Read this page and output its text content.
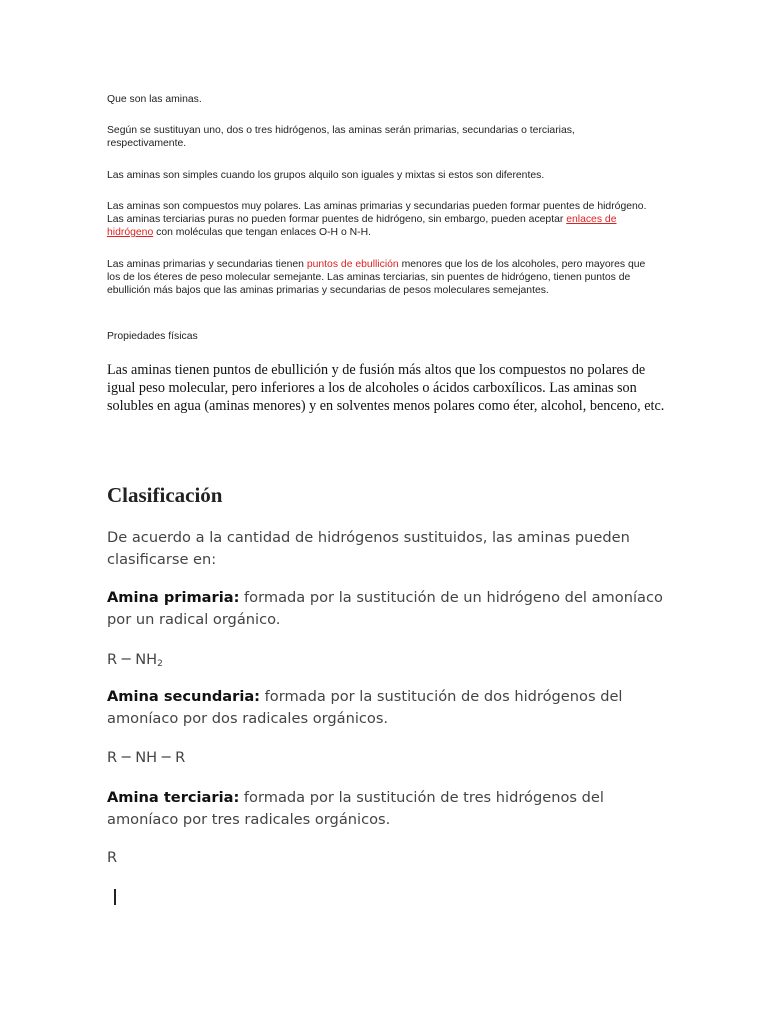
Que son las aminas.

Según se sustituyan uno, dos o tres hidrógenos, las aminas serán primarias, secundarias o terciarias, respectivamente.

Las aminas son simples cuando los grupos alquilo son iguales y mixtas si estos son diferentes.

Las aminas son compuestos muy polares. Las aminas primarias y secundarias pueden formar puentes de hidrógeno. Las aminas terciarias puras no pueden formar puentes de hidrógeno, sin embargo, pueden aceptar enlaces de hidrógeno con moléculas que tengan enlaces O-H o N-H.

Las aminas primarias y secundarias tienen puntos de ebullición menores que los de los alcoholes, pero mayores que los de los éteres de peso molecular semejante. Las aminas terciarias, sin puentes de hidrógeno, tienen puntos de ebullición más bajos que las aminas primarias y secundarias de pesos moleculares semejantes.

Propiedades físicas

Las aminas tienen puntos de ebullición y de fusión más altos que los compuestos no polares de igual peso molecular, pero inferiores a los de alcoholes o ácidos carboxílicos. Las aminas son solubles en agua (aminas menores) y en solventes menos polares como éter, alcohol, benceno, etc.

Clasificación

De acuerdo a la cantidad de hidrógenos sustituidos, las aminas pueden clasificarse en:

Amina primaria: formada por la sustitución de un hidrógeno del amoníaco por un radical orgánico.

R ─ $NH_2$

Amina secundaria: formada por la sustitución de dos hidrógenos del amoníaco por dos radicales orgánicos.

R ─ NH ─ R

Amina terciaria: formada por la sustitución de tres hidrógenos del amoníaco por tres radicales orgánicos.

R
